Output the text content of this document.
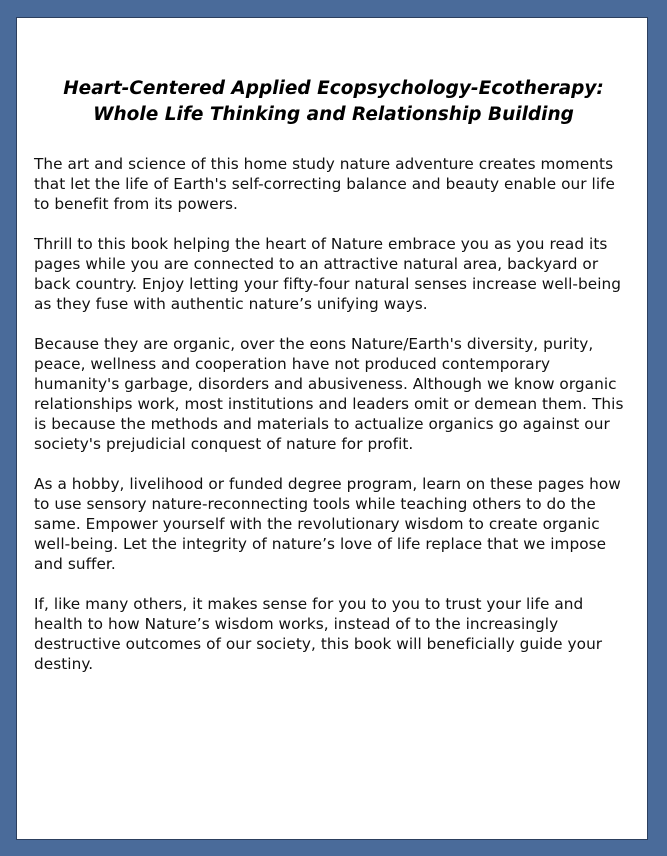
Heart-Centered Applied Ecopsychology-Ecotherapy:
Whole Life Thinking and Relationship Building

The art and science of this home study nature adventure creates moments that let the life of Earth's self-correcting balance and beauty enable our life to benefit from its powers.

Thrill to this book helping the heart of Nature embrace you as you read its pages while you are connected to an attractive natural area, backyard or back country. Enjoy letting your fifty-four natural senses increase well-being as they fuse with authentic nature’s unifying ways.

Because they are organic, over the eons Nature/Earth's diversity, purity, peace, wellness and cooperation have not produced contemporary humanity's garbage, disorders and abusiveness. Although we know organic relationships work, most institutions and leaders omit or demean them. This is because the methods and materials to actualize organics go against our society's prejudicial conquest of nature for profit.

As a hobby, livelihood or funded degree program, learn on these pages how to use sensory nature-reconnecting tools while teaching others to do the same. Empower yourself with the revolutionary wisdom to create organic well-being. Let the integrity of nature’s love of life replace that we impose and suffer.

If, like many others, it makes sense for you to you to trust your life and health to how Nature’s wisdom works, instead of to the increasingly destructive outcomes of our society, this book will beneficially guide your destiny.
